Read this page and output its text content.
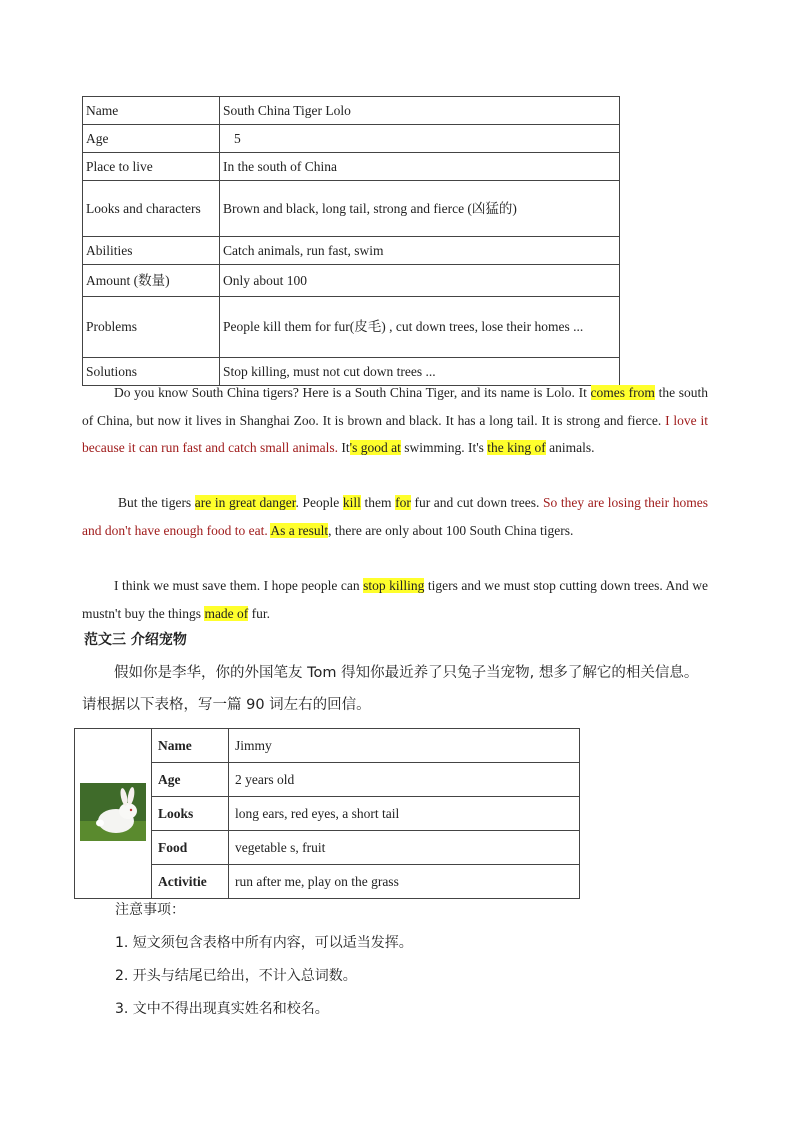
Name	South China Tiger Lolo
Age	5
Place to live	In the south of China
Looks and characters	Brown and black, long tail, strong and fierce (凶猛的)
Abilities	Catch animals, run fast, swim
Amount (数量)	Only about 100
Problems	People kill them for fur(皮毛) , cut down trees, lose their homes ...
Solutions	Stop killing, must not cut down trees ...

Do you know South China tigers? Here is a South China Tiger, and its name is Lolo. It comes from the south of China, but now it lives in Shanghai Zoo. It is brown and black. It has a long tail. It is strong and fierce. I love it because it can run fast and catch small animals. It's good at swimming. It's the king of animals.

But the tigers are in great danger. People kill them for fur and cut down trees. So they are losing their homes and don't have enough food to eat. As a result, there are only about 100 South China tigers.

I think we must save them. I hope people can stop killing tigers and we must stop cutting down trees. And we mustn't buy the things made of fur.

范文三 介绍宠物

假如你是李华，你的外国笔友 Tom 得知你最近养了只兔子当宠物, 想多了解它的相关信息。请根据以下表格，写一篇 90 词左右的回信。

	Name	Jimmy
	Age	2 years old
	Looks	long ears, red eyes, a short tail
	Food	vegetable s, fruit
	Activitie	run after me, play on the grass
注意事项：
1. 短文须包含表格中所有内容，可以适当发挥。
2. 开头与结尾已给出，不计入总词数。
3. 文中不得出现真实姓名和校名。
